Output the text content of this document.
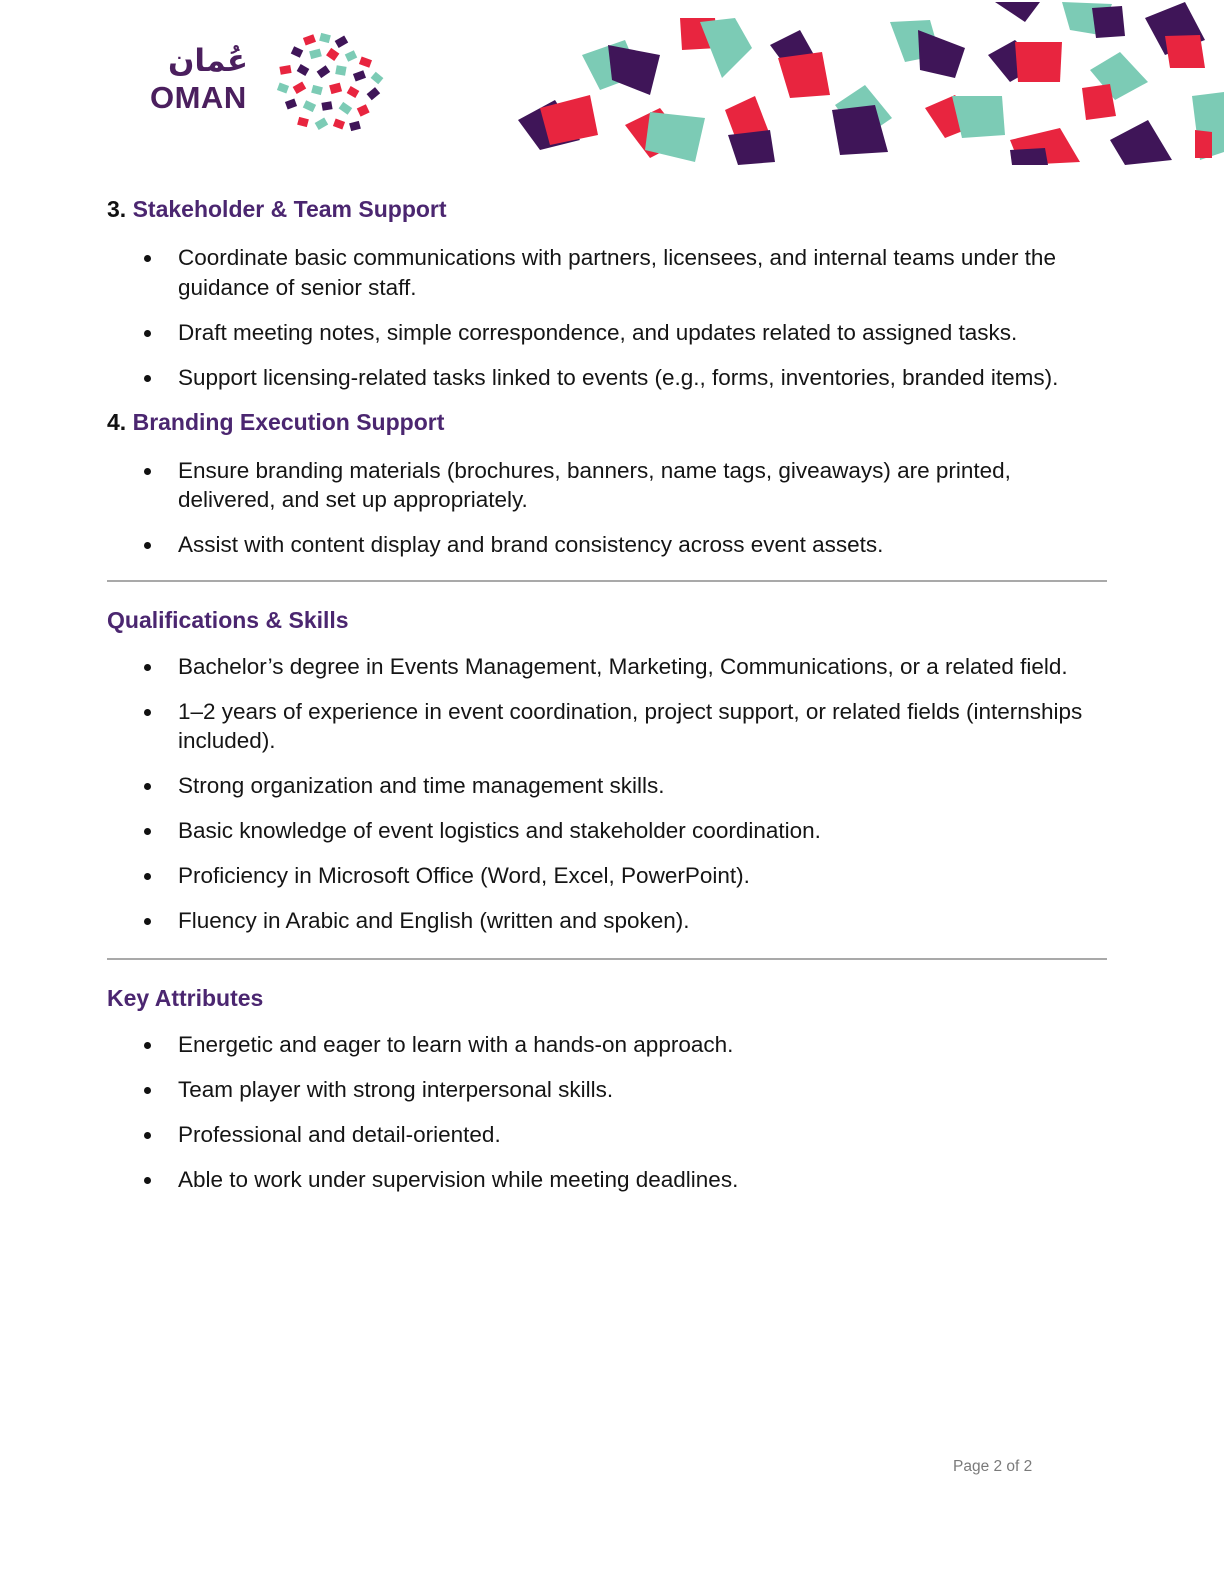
عُمان
OMAN
3. Stakeholder & Team Support
Coordinate basic communications with partners, licensees, and internal teams under the guidance of senior staff.
Draft meeting notes, simple correspondence, and updates related to assigned tasks.
Support licensing-related tasks linked to events (e.g., forms, inventories, branded items).
4. Branding Execution Support
Ensure branding materials (brochures, banners, name tags, giveaways) are printed, delivered, and set up appropriately.
Assist with content display and brand consistency across event assets.
Qualifications & Skills
Bachelor’s degree in Events Management, Marketing, Communications, or a related field.
1–2 years of experience in event coordination, project support, or related fields (internships included).
Strong organization and time management skills.
Basic knowledge of event logistics and stakeholder coordination.
Proficiency in Microsoft Office (Word, Excel, PowerPoint).
Fluency in Arabic and English (written and spoken).
Key Attributes
Energetic and eager to learn with a hands-on approach.
Team player with strong interpersonal skills.
Professional and detail-oriented.
Able to work under supervision while meeting deadlines.
Page 2 of 2
